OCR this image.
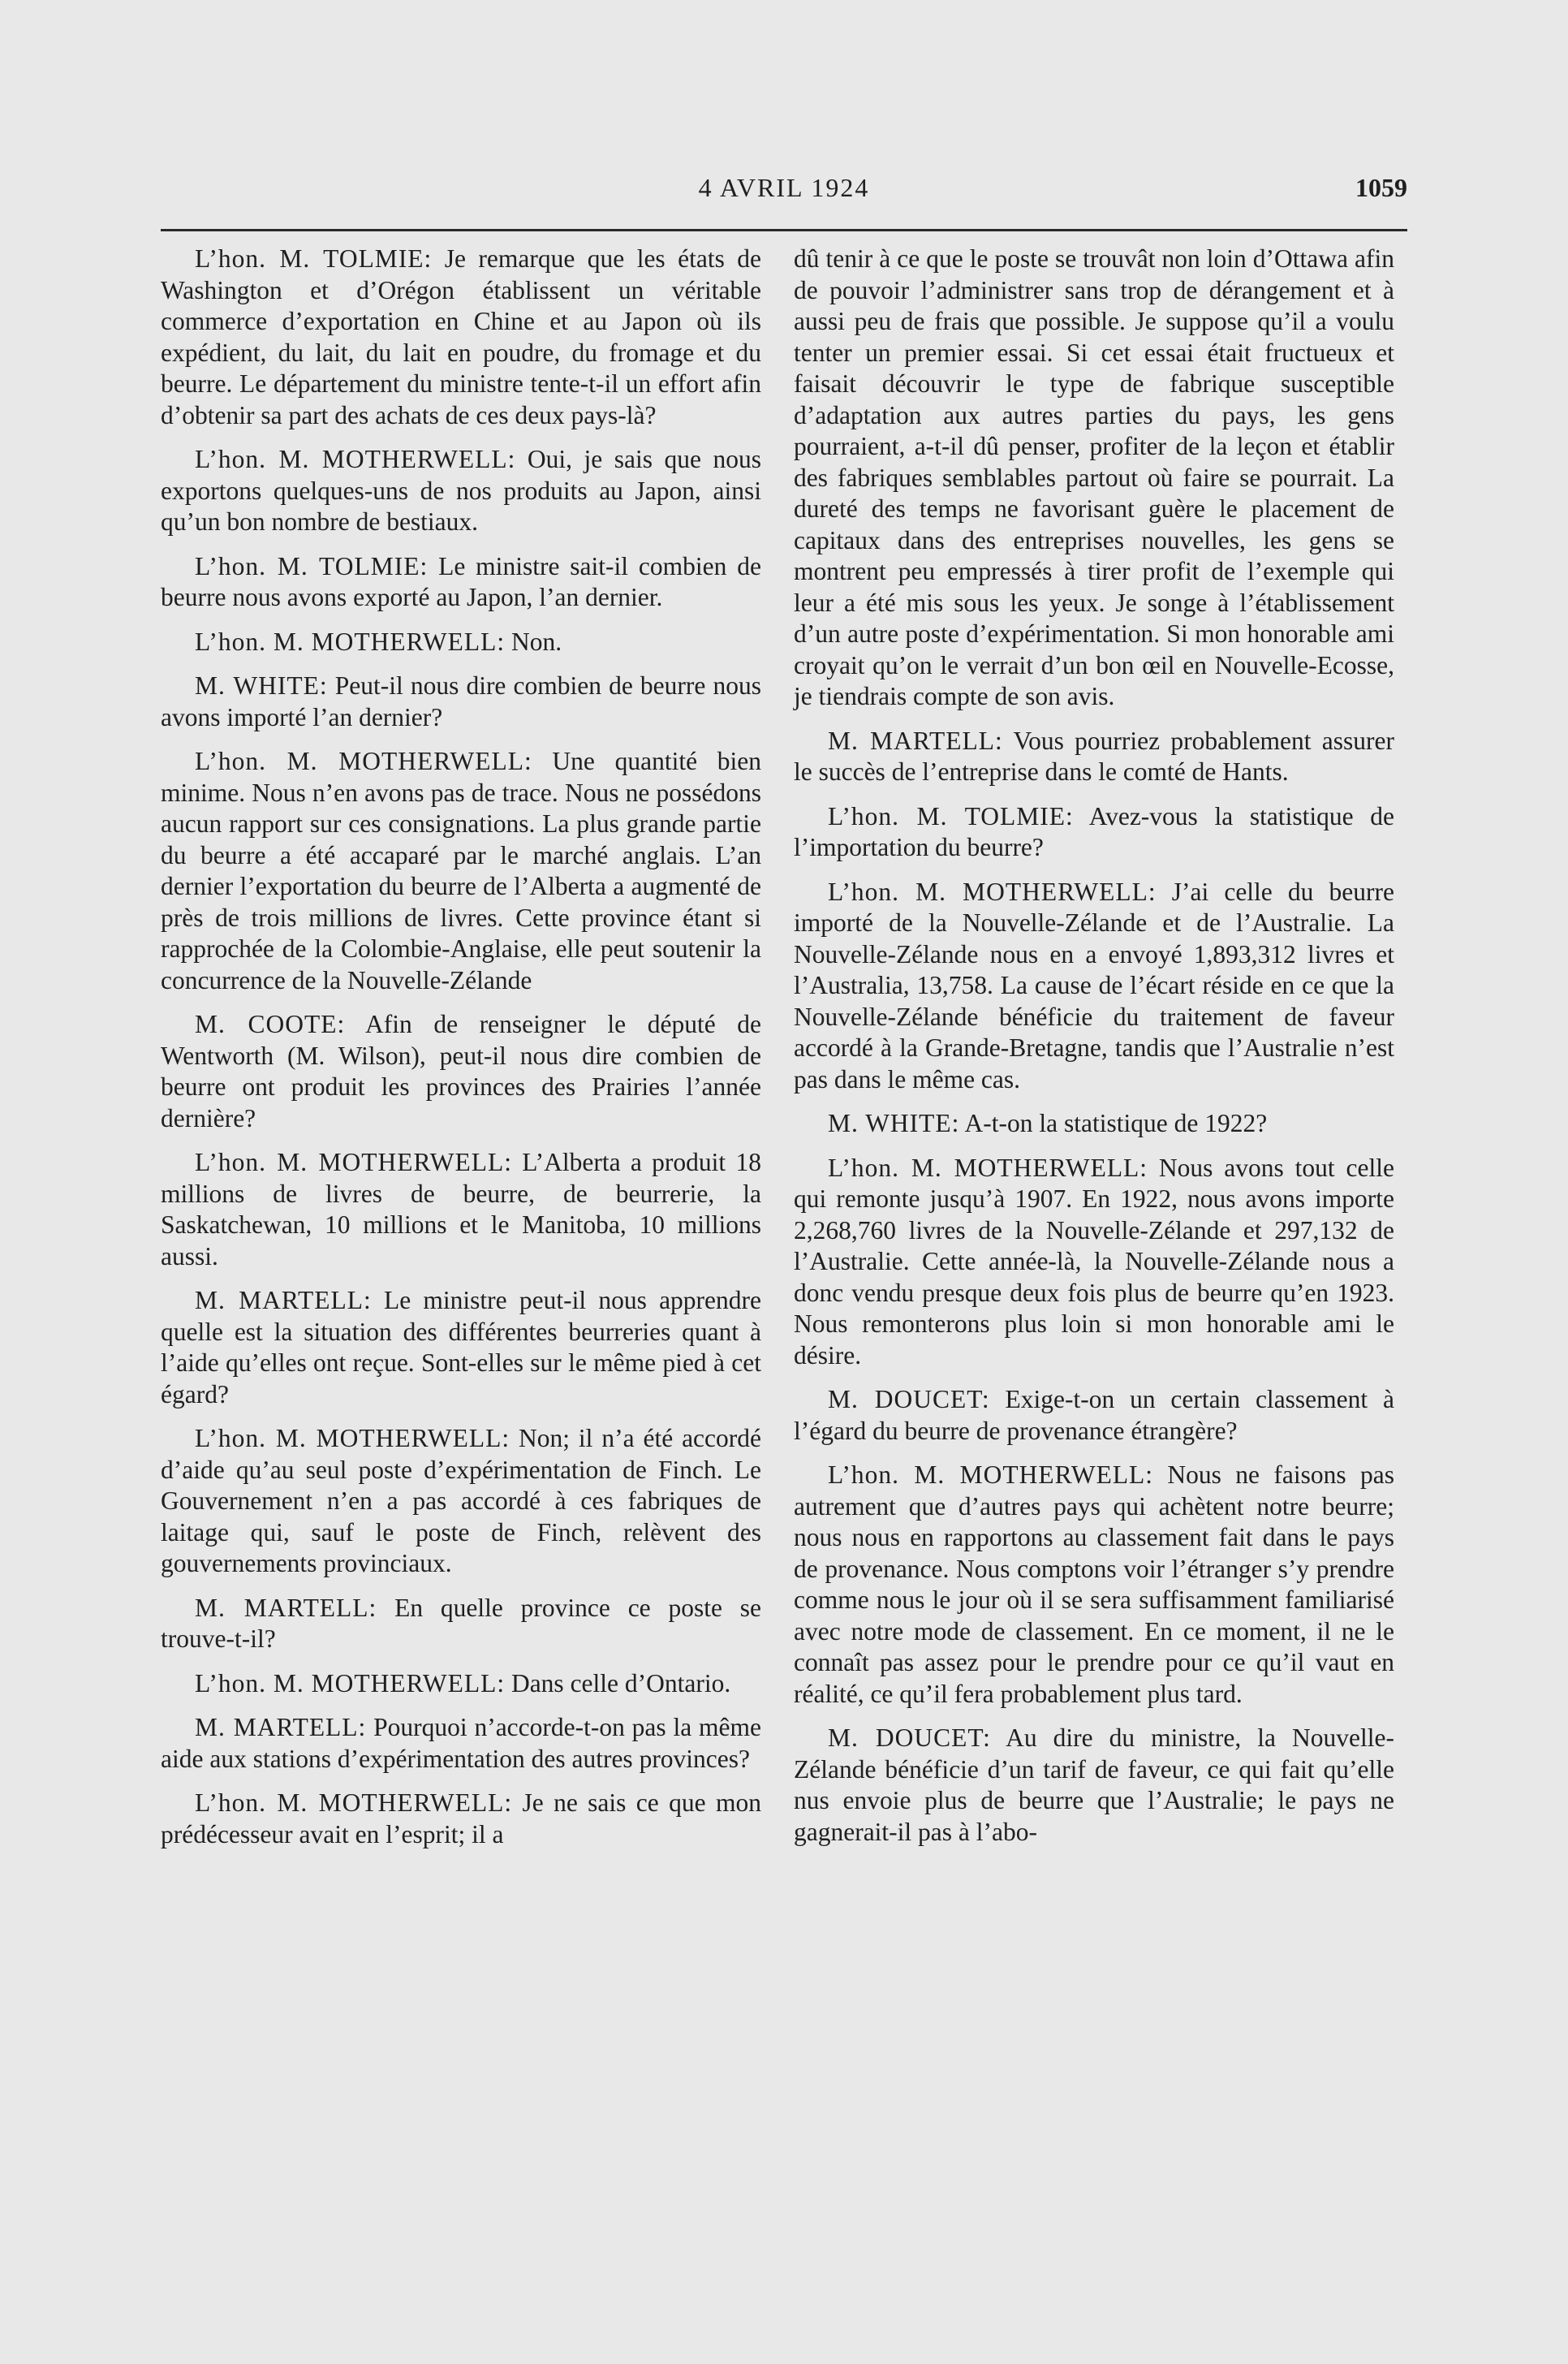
4 AVRIL 1924	1059

L’hon. M. TOLMIE: Je remarque que les états de Washington et d’Orégon établissent un véritable commerce d’exportation en Chine et au Japon où ils expédient, du lait, du lait en poudre, du fromage et du beurre. Le département du ministre tente-t-il un effort afin d’obtenir sa part des achats de ces deux pays-là?

L’hon. M. MOTHERWELL: Oui, je sais que nous exportons quelques-uns de nos produits au Japon, ainsi qu’un bon nombre de bestiaux.

L’hon. M. TOLMIE: Le ministre sait-il combien de beurre nous avons exporté au Japon, l’an dernier.

L’hon. M. MOTHERWELL: Non.

M. WHITE: Peut-il nous dire combien de beurre nous avons importé l’an dernier?

L’hon. M. MOTHERWELL: Une quantité bien minime. Nous n’en avons pas de trace. Nous ne possédons aucun rapport sur ces consignations. La plus grande partie du beurre a été accaparé par le marché anglais. L’an dernier l’exportation du beurre de l’Alberta a augmenté de près de trois millions de livres. Cette province étant si rapprochée de la Colombie-Anglaise, elle peut soutenir la concurrence de la Nouvelle-Zélande

M. COOTE: Afin de renseigner le député de Wentworth (M. Wilson), peut-il nous dire combien de beurre ont produit les provinces des Prairies l’année dernière?

L’hon. M. MOTHERWELL: L’Alberta a produit 18 millions de livres de beurre, de beurrerie, la Saskatchewan, 10 millions et le Manitoba, 10 millions aussi.

M. MARTELL: Le ministre peut-il nous apprendre quelle est la situation des différentes beurreries quant à l’aide qu’elles ont reçue. Sont-elles sur le même pied à cet égard?

L’hon. M. MOTHERWELL: Non; il n’a été accordé d’aide qu’au seul poste d’expérimentation de Finch. Le Gouvernement n’en a pas accordé à ces fabriques de laitage qui, sauf le poste de Finch, relèvent des gouvernements provinciaux.

M. MARTELL: En quelle province ce poste se trouve-t-il?

L’hon. M. MOTHERWELL: Dans celle d’Ontario.

M. MARTELL: Pourquoi n’accorde-t-on pas la même aide aux stations d’expérimentation des autres provinces?

L’hon. M. MOTHERWELL: Je ne sais ce que mon prédécesseur avait en l’esprit; il a

dû tenir à ce que le poste se trouvât non loin d’Ottawa afin de pouvoir l’administrer sans trop de dérangement et à aussi peu de frais que possible. Je suppose qu’il a voulu tenter un premier essai. Si cet essai était fructueux et faisait découvrir le type de fabrique susceptible d’adaptation aux autres parties du pays, les gens pourraient, a-t-il dû penser, profiter de la leçon et établir des fabriques semblables partout où faire se pourrait. La dureté des temps ne favorisant guère le placement de capitaux dans des entreprises nouvelles, les gens se montrent peu empressés à tirer profit de l’exemple qui leur a été mis sous les yeux. Je songe à l’établissement d’un autre poste d’expérimentation. Si mon honorable ami croyait qu’on le verrait d’un bon œil en Nouvelle-Ecosse, je tiendrais compte de son avis.

M. MARTELL: Vous pourriez probablement assurer le succès de l’entreprise dans le comté de Hants.

L’hon. M. TOLMIE: Avez-vous la statistique de l’importation du beurre?

L’hon. M. MOTHERWELL: J’ai celle du beurre importé de la Nouvelle-Zélande et de l’Australie. La Nouvelle-Zélande nous en a envoyé 1,893,312 livres et l’Australia, 13,758. La cause de l’écart réside en ce que la Nouvelle-Zélande bénéficie du traitement de faveur accordé à la Grande-Bretagne, tandis que l’Australie n’est pas dans le même cas.

M. WHITE: A-t-on la statistique de 1922?

L’hon. M. MOTHERWELL: Nous avons tout celle qui remonte jusqu’à 1907. En 1922, nous avons importe 2,268,760 livres de la Nouvelle-Zélande et 297,132 de l’Australie. Cette année-là, la Nouvelle-Zélande nous a donc vendu presque deux fois plus de beurre qu’en 1923. Nous remonterons plus loin si mon honorable ami le désire.

M. DOUCET: Exige-t-on un certain classement à l’égard du beurre de provenance étrangère?

L’hon. M. MOTHERWELL: Nous ne faisons pas autrement que d’autres pays qui achètent notre beurre; nous nous en rapportons au classement fait dans le pays de provenance. Nous comptons voir l’étranger s’y prendre comme nous le jour où il se sera suffisamment familiarisé avec notre mode de classement. En ce moment, il ne le connaît pas assez pour le prendre pour ce qu’il vaut en réalité, ce qu’il fera probablement plus tard.

M. DOUCET: Au dire du ministre, la Nouvelle-Zélande bénéficie d’un tarif de faveur, ce qui fait qu’elle nus envoie plus de beurre que l’Australie; le pays ne gagnerait-il pas à l’abo-
